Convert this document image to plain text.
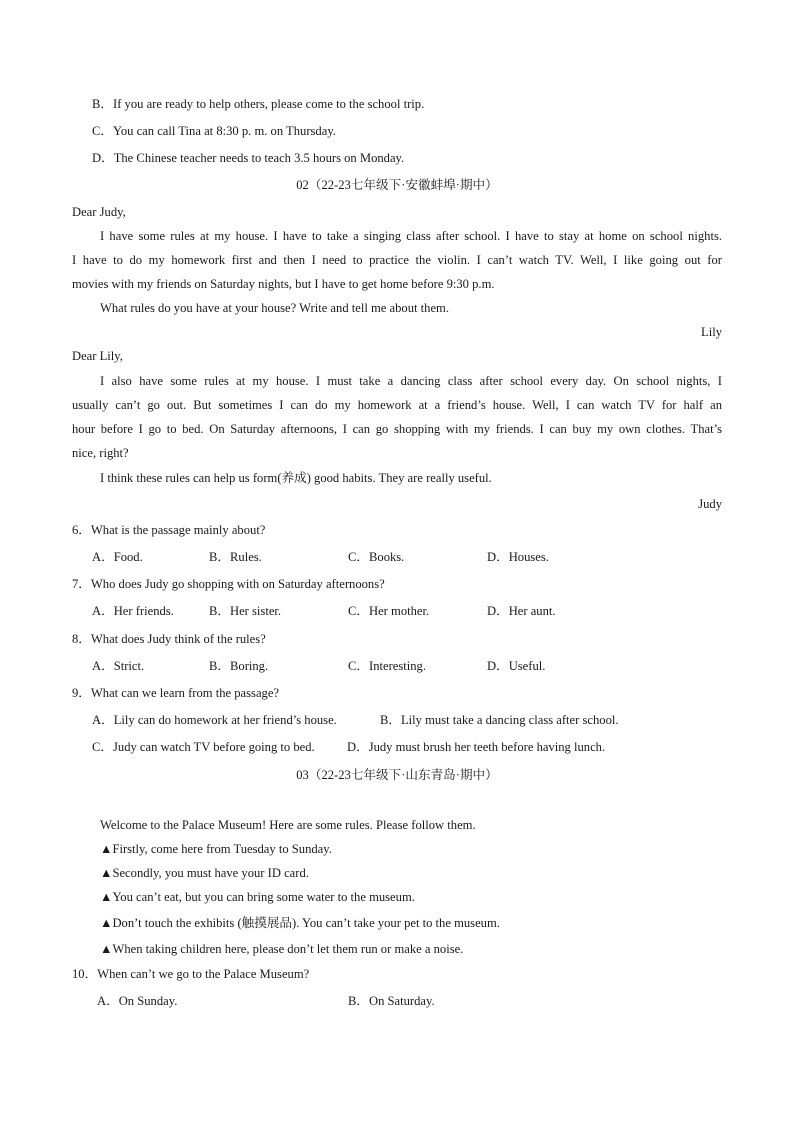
B．If you are ready to help others, please come to the school trip.
C．You can call Tina at 8:30 p. m. on Thursday.
D．The Chinese teacher needs to teach 3.5 hours on Monday.
02（22-23七年级下·安徽蚌埠·期中）
Dear Judy,
I have some rules at my house. I have to take a singing class after school. I have to stay at home on school nights.
I have to do my homework first and then I need to practice the violin. I can’t watch TV. Well, I like going out for
movies with my friends on Saturday nights, but I have to get home before 9:30 p.m.
What rules do you have at your house? Write and tell me about them.
Lily
Dear Lily,
I also have some rules at my house. I must take a dancing class after school every day. On school nights, I
usually can’t go out. But sometimes I can do my homework at a friend’s house. Well, I can watch TV for half an
hour before I go to bed. On Saturday afternoons, I can go shopping with my friends. I can buy my own clothes. That’s
nice, right?
I think these rules can help us form(养成) good habits. They are really useful.
Judy
6．What is the passage mainly about?
A．Food.	B．Rules.	C．Books.	D．Houses.
7．Who does Judy go shopping with on Saturday afternoons?
A．Her friends.	B．Her sister.	C．Her mother.	D．Her aunt.
8．What does Judy think of the rules?
A．Strict.	B．Boring.	C．Interesting.	D．Useful.
9．What can we learn from the passage?
A．Lily can do homework at her friend’s house.	B．Lily must take a dancing class after school.
C．Judy can watch TV before going to bed.	D．Judy must brush her teeth before having lunch.
03（22-23七年级下·山东青岛·期中）
Welcome to the Palace Museum! Here are some rules. Please follow them.
▲Firstly, come here from Tuesday to Sunday.
▲Secondly, you must have your ID card.
▲You can’t eat, but you can bring some water to the museum.
▲Don’t touch the exhibits (触摸展品). You can’t take your pet to the museum.
▲When taking children here, please don’t let them run or make a noise.
10．When can’t we go to the Palace Museum?
A．On Sunday.	B．On Saturday.
